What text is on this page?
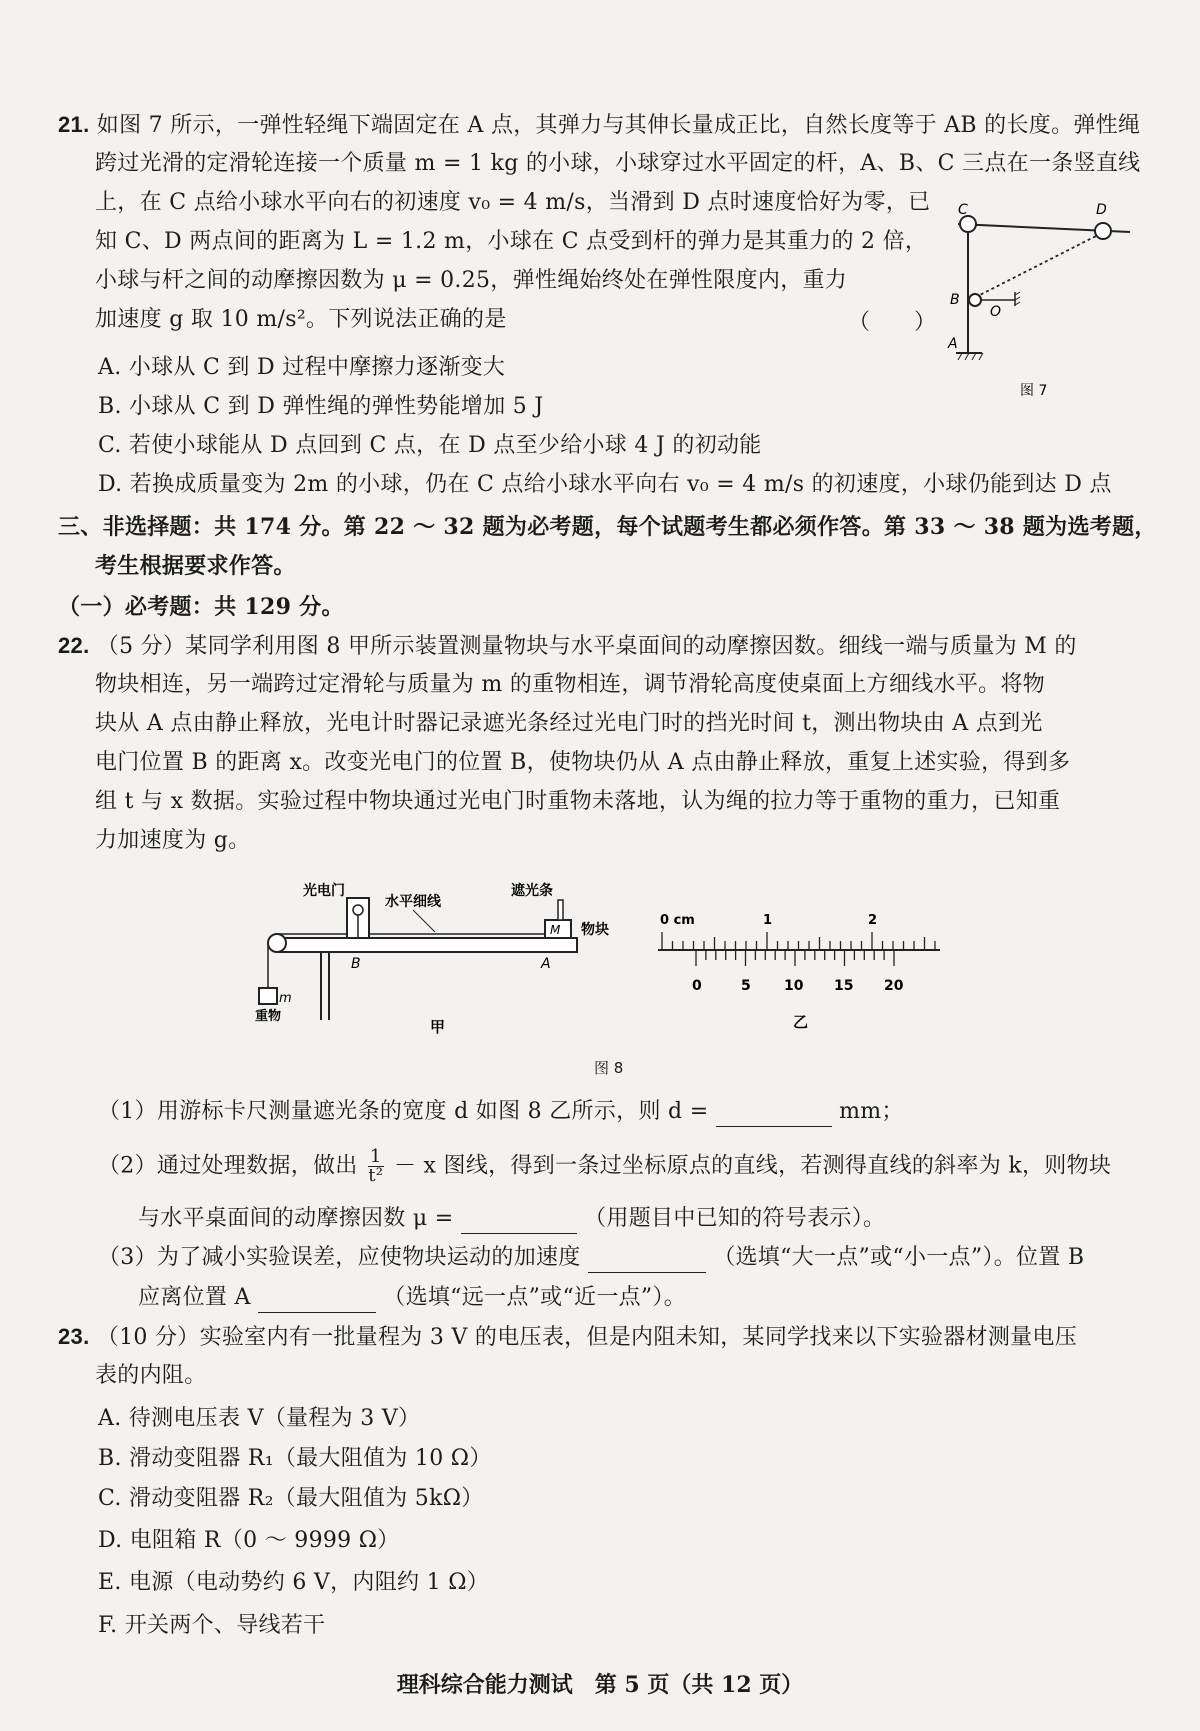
21. 如图 7 所示，一弹性轻绳下端固定在 A 点，其弹力与其伸长量成正比，自然长度等于 AB 的长度。弹性绳
跨过光滑的定滑轮连接一个质量 m = 1 kg 的小球，小球穿过水平固定的杆，A、B、C 三点在一条竖直线
上，在 C 点给小球水平向右的初速度 v₀ = 4 m/s，当滑到 D 点时速度恰好为零，已
知 C、D 两点间的距离为 L = 1.2 m，小球在 C 点受到杆的弹力是其重力的 2 倍，
小球与杆之间的动摩擦因数为 μ = 0.25，弹性绳始终处在弹性限度内，重力
加速度 g 取 10 m/s²。下列说法正确的是	（　　）
A. 小球从 C 到 D 过程中摩擦力逐渐变大
B. 小球从 C 到 D 弹性绳的弹性势能增加 5 J
C. 若使小球能从 D 点回到 C 点，在 D 点至少给小球 4 J 的初动能
D. 若换成质量变为 2m 的小球，仍在 C 点给小球水平向右 v₀ = 4 m/s 的初速度，小球仍能到达 D 点
C	D
B
O
A
图 7
三、非选择题：共 174 分。第 22 ～ 32 题为必考题，每个试题考生都必须作答。第 33 ～ 38 题为选考题，
考生根据要求作答。
（一）必考题：共 129 分。
22. （5 分）某同学利用图 8 甲所示装置测量物块与水平桌面间的动摩擦因数。细线一端与质量为 M 的
物块相连，另一端跨过定滑轮与质量为 m 的重物相连，调节滑轮高度使桌面上方细线水平。将物
块从 A 点由静止释放，光电计时器记录遮光条经过光电门时的挡光时间 t，测出物块由 A 点到光
电门位置 B 的距离 x。改变光电门的位置 B，使物块仍从 A 点由静止释放，重复上述实验，得到多
组 t 与 x 数据。实验过程中物块通过光电门时重物未落地，认为绳的拉力等于重物的重力，已知重
力加速度为 g。
光电门
水平细线
遮光条
物块
M
B	A
m
重物
甲
0 cm	1	2
0	5 10 15 20
乙
图 8
（1）用游标卡尺测量遮光条的宽度 d 如图 8 乙所示，则 d =	mm；
（2）通过处理数据，做出 $\frac{1}{\text{t²}} - x$ 图线，得到一条过坐标原点的直线，若测得直线的斜率为 k，则物块
与水平桌面间的动摩擦因数 μ =	（用题目中已知的符号表示）。
（3）为了减小实验误差，应使物块运动的加速度	（选填“大一点”或“小一点”）。位置 B
应离位置 A	（选填“远一点”或“近一点”）。
23. （10 分）实验室内有一批量程为 3 V 的电压表，但是内阻未知，某同学找来以下实验器材测量电压
表的内阻。
A. 待测电压表 V（量程为 3 V）
B. 滑动变阻器 R₁（最大阻值为 10 Ω）
C. 滑动变阻器 R₂（最大阻值为 5kΩ）
D. 电阻箱 R（0 ～ 9999 Ω）
E. 电源（电动势约 6 V，内阻约 1 Ω）
F. 开关两个、导线若干
理科综合能力测试　第 5 页（共 12 页）
